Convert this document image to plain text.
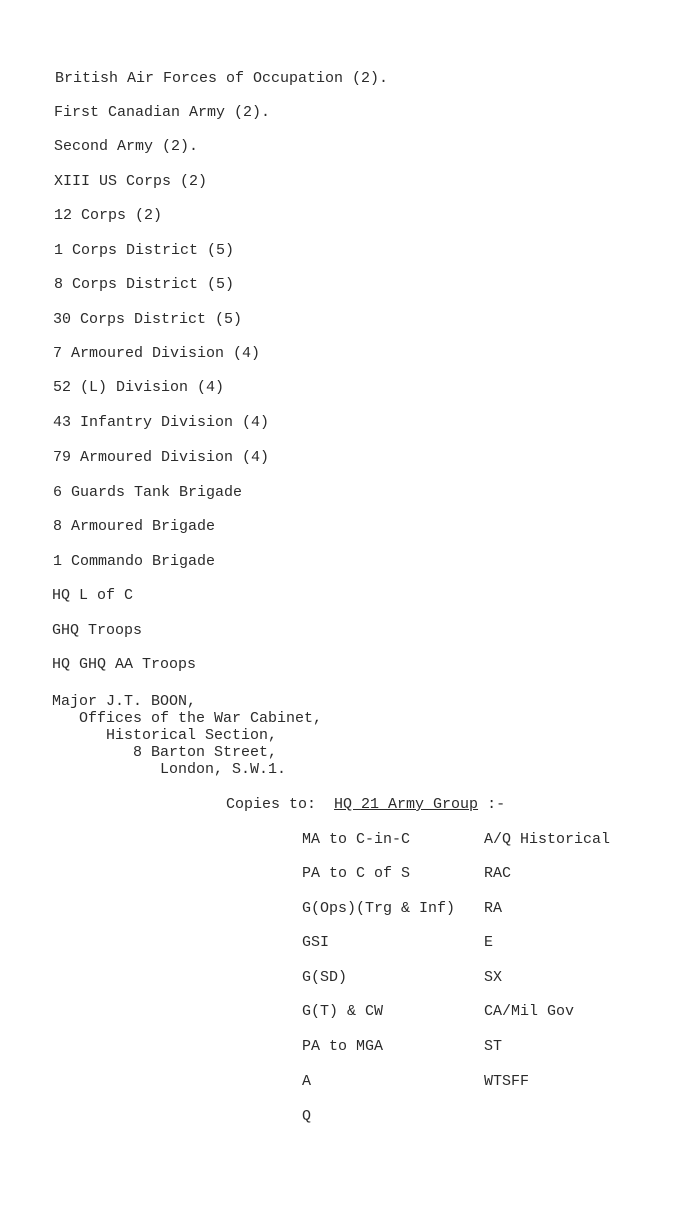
British Air Forces of Occupation (2).
First Canadian Army (2).
Second Army (2).
XIII US Corps (2)
12 Corps (2)
1 Corps District (5)
8 Corps District (5)
30 Corps District (5)
7 Armoured Division (4)
52 (L) Division (4)
43 Infantry Division (4)
79 Armoured Division (4)
6 Guards Tank Brigade
8 Armoured Brigade
1 Commando Brigade
HQ L of C
GHQ Troops
HQ GHQ AA Troops
Major J.T. BOON,
Offices of the War Cabinet,
Historical Section,
8 Barton Street,
London, S.W.1.
Copies to: HQ 21 Army Group :-
MA to C-in-C
PA to C of S
G(Ops)(Trg & Inf)
GSI
G(SD)
G(T) & CW
PA to MGA
A
Q
A/Q Historical
RAC
RA
E
SX
CA/Mil Gov
ST
WTSFF
